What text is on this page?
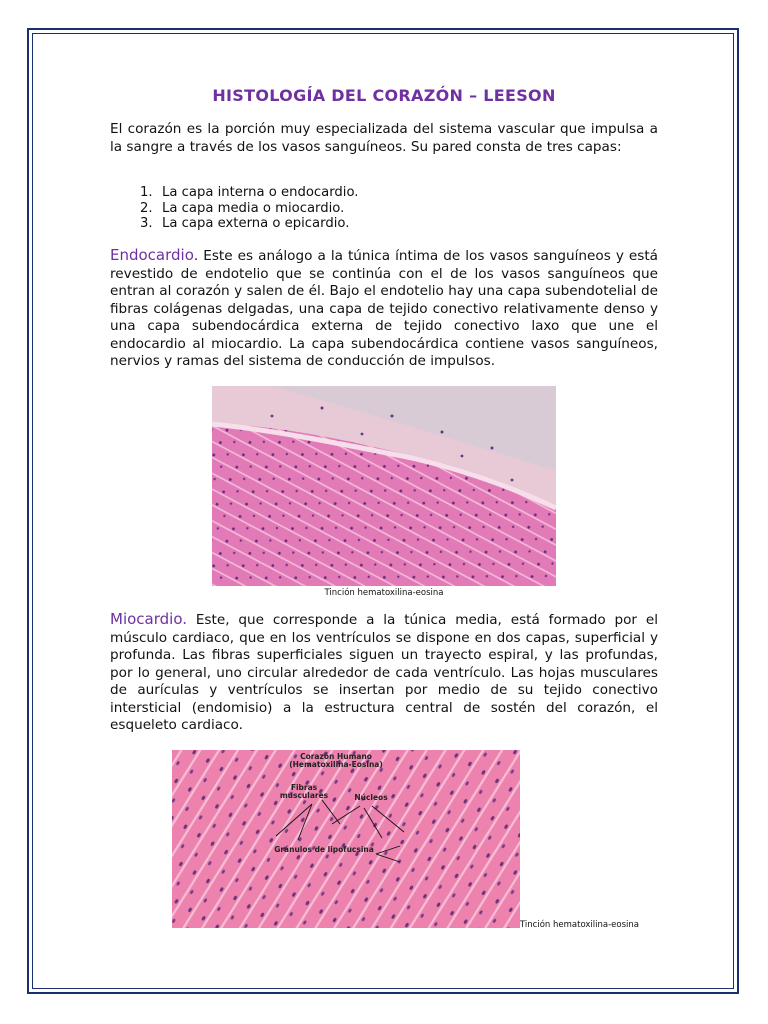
HISTOLOGÍA DEL CORAZÓN – LEESON
El corazón es la porción muy especializada del sistema vascular que impulsa a la sangre a través de los vasos sanguíneos. Su pared consta de tres capas:
1. La capa interna o endocardio.
2. La capa media o miocardio.
3. La capa externa o epicardio.
Endocardio. Este es análogo a la túnica íntima de los vasos sanguíneos y está revestido de endotelio que se continúa con el de los vasos sanguíneos que entran al corazón y salen de él. Bajo el endotelio hay una capa subendotelial de fibras colágenas delgadas, una capa de tejido conectivo relativamente denso y una capa subendocárdica externa de tejido conectivo laxo que une el endocardio al miocardio. La capa subendocárdica contiene vasos sanguíneos, nervios y ramas del sistema de conducción de impulsos.
Tinción hematoxilina-eosina
Miocardio. Este, que corresponde a la túnica media, está formado por el músculo cardiaco, que en los ventrículos se dispone en dos capas, superficial y profunda. Las fibras superficiales siguen un trayecto espiral, y las profundas, por lo general, uno circular alrededor de cada ventrículo. Las hojas musculares de aurículas y ventrículos se insertan por medio de su tejido conectivo intersticial (endomisio) a la estructura central de sostén del corazón, el esqueleto cardiaco.
Corazón Humano
(Hematoxilina-Eosina)
Fibras
musculares	Núcleos
Gránulos de lipofucsina
Tinción hematoxilina-eosina
